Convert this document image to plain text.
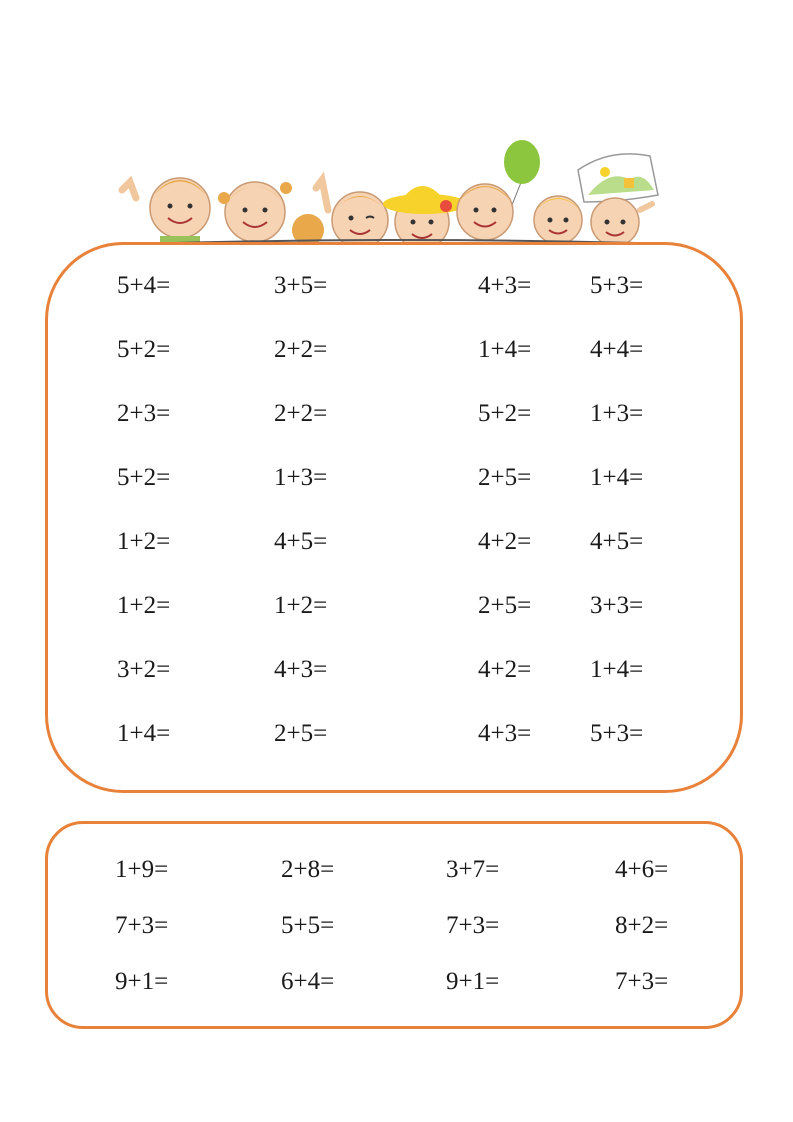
5+4=	3+5=	4+3= 5+3=
5+2=	2+2=	1+4= 4+4=
2+3=	2+2=	5+2= 1+3=
5+2=	1+3=	2+5= 1+4=
1+2=	4+5=	4+2= 4+5=
1+2=	1+2=	2+5= 3+3=
3+2=	4+3=	4+2= 1+4=
1+4=	2+5=	4+3= 5+3=
1+9=	2+8=	3+7=	4+6=
7+3=	5+5=	7+3=	8+2=
9+1=	6+4=	9+1=	7+3=
